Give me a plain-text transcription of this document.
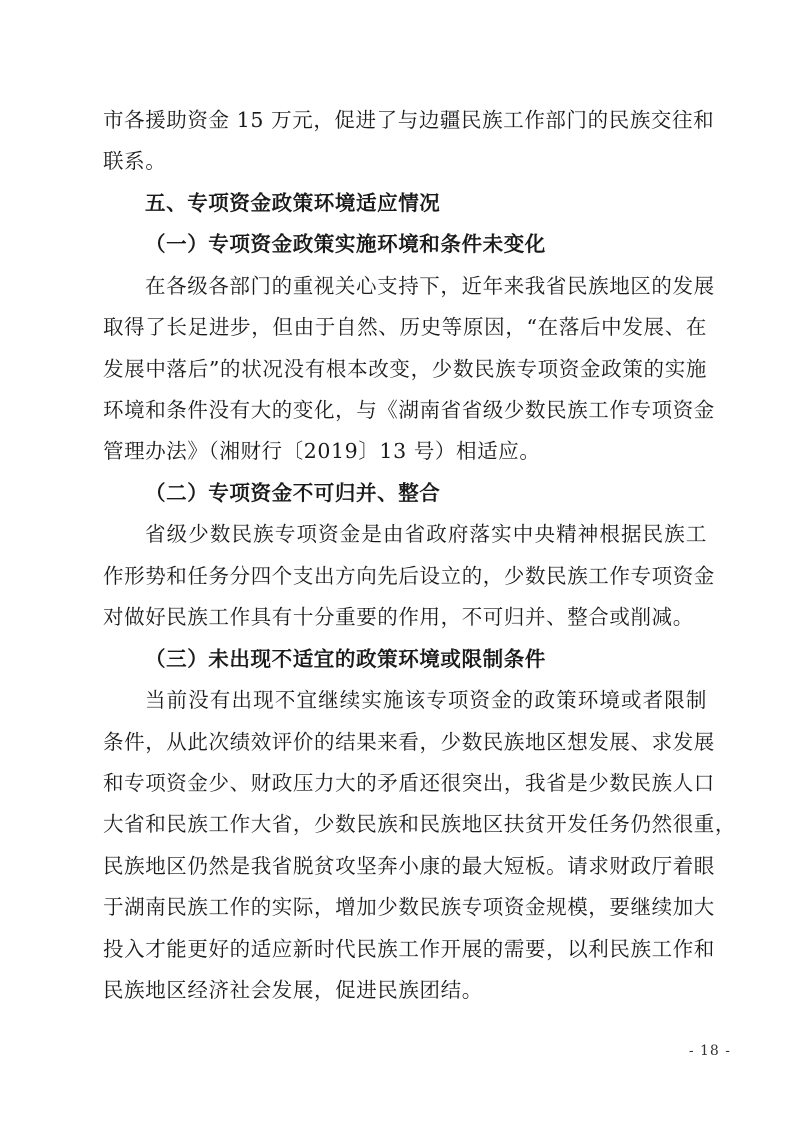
市各援助资金 15 万元，促进了与边疆民族工作部门的民族交往和
联系。
五、专项资金政策环境适应情况
（一）专项资金政策实施环境和条件未变化
在各级各部门的重视关心支持下，近年来我省民族地区的发展
取得了长足进步，但由于自然、历史等原因，“在落后中发展、在
发展中落后”的状况没有根本改变，少数民族专项资金政策的实施
环境和条件没有大的变化，与《湖南省省级少数民族工作专项资金
管理办法》（湘财行〔2019〕13 号）相适应。
（二）专项资金不可归并、整合
省级少数民族专项资金是由省政府落实中央精神根据民族工
作形势和任务分四个支出方向先后设立的，少数民族工作专项资金
对做好民族工作具有十分重要的作用，不可归并、整合或削减。
（三）未出现不适宜的政策环境或限制条件
当前没有出现不宜继续实施该专项资金的政策环境或者限制
条件，从此次绩效评价的结果来看，少数民族地区想发展、求发展
和专项资金少、财政压力大的矛盾还很突出，我省是少数民族人口
大省和民族工作大省，少数民族和民族地区扶贫开发任务仍然很重，
民族地区仍然是我省脱贫攻坚奔小康的最大短板。请求财政厅着眼
于湖南民族工作的实际，增加少数民族专项资金规模，要继续加大
投入才能更好的适应新时代民族工作开展的需要，以利民族工作和
民族地区经济社会发展，促进民族团结。
- 18 -
